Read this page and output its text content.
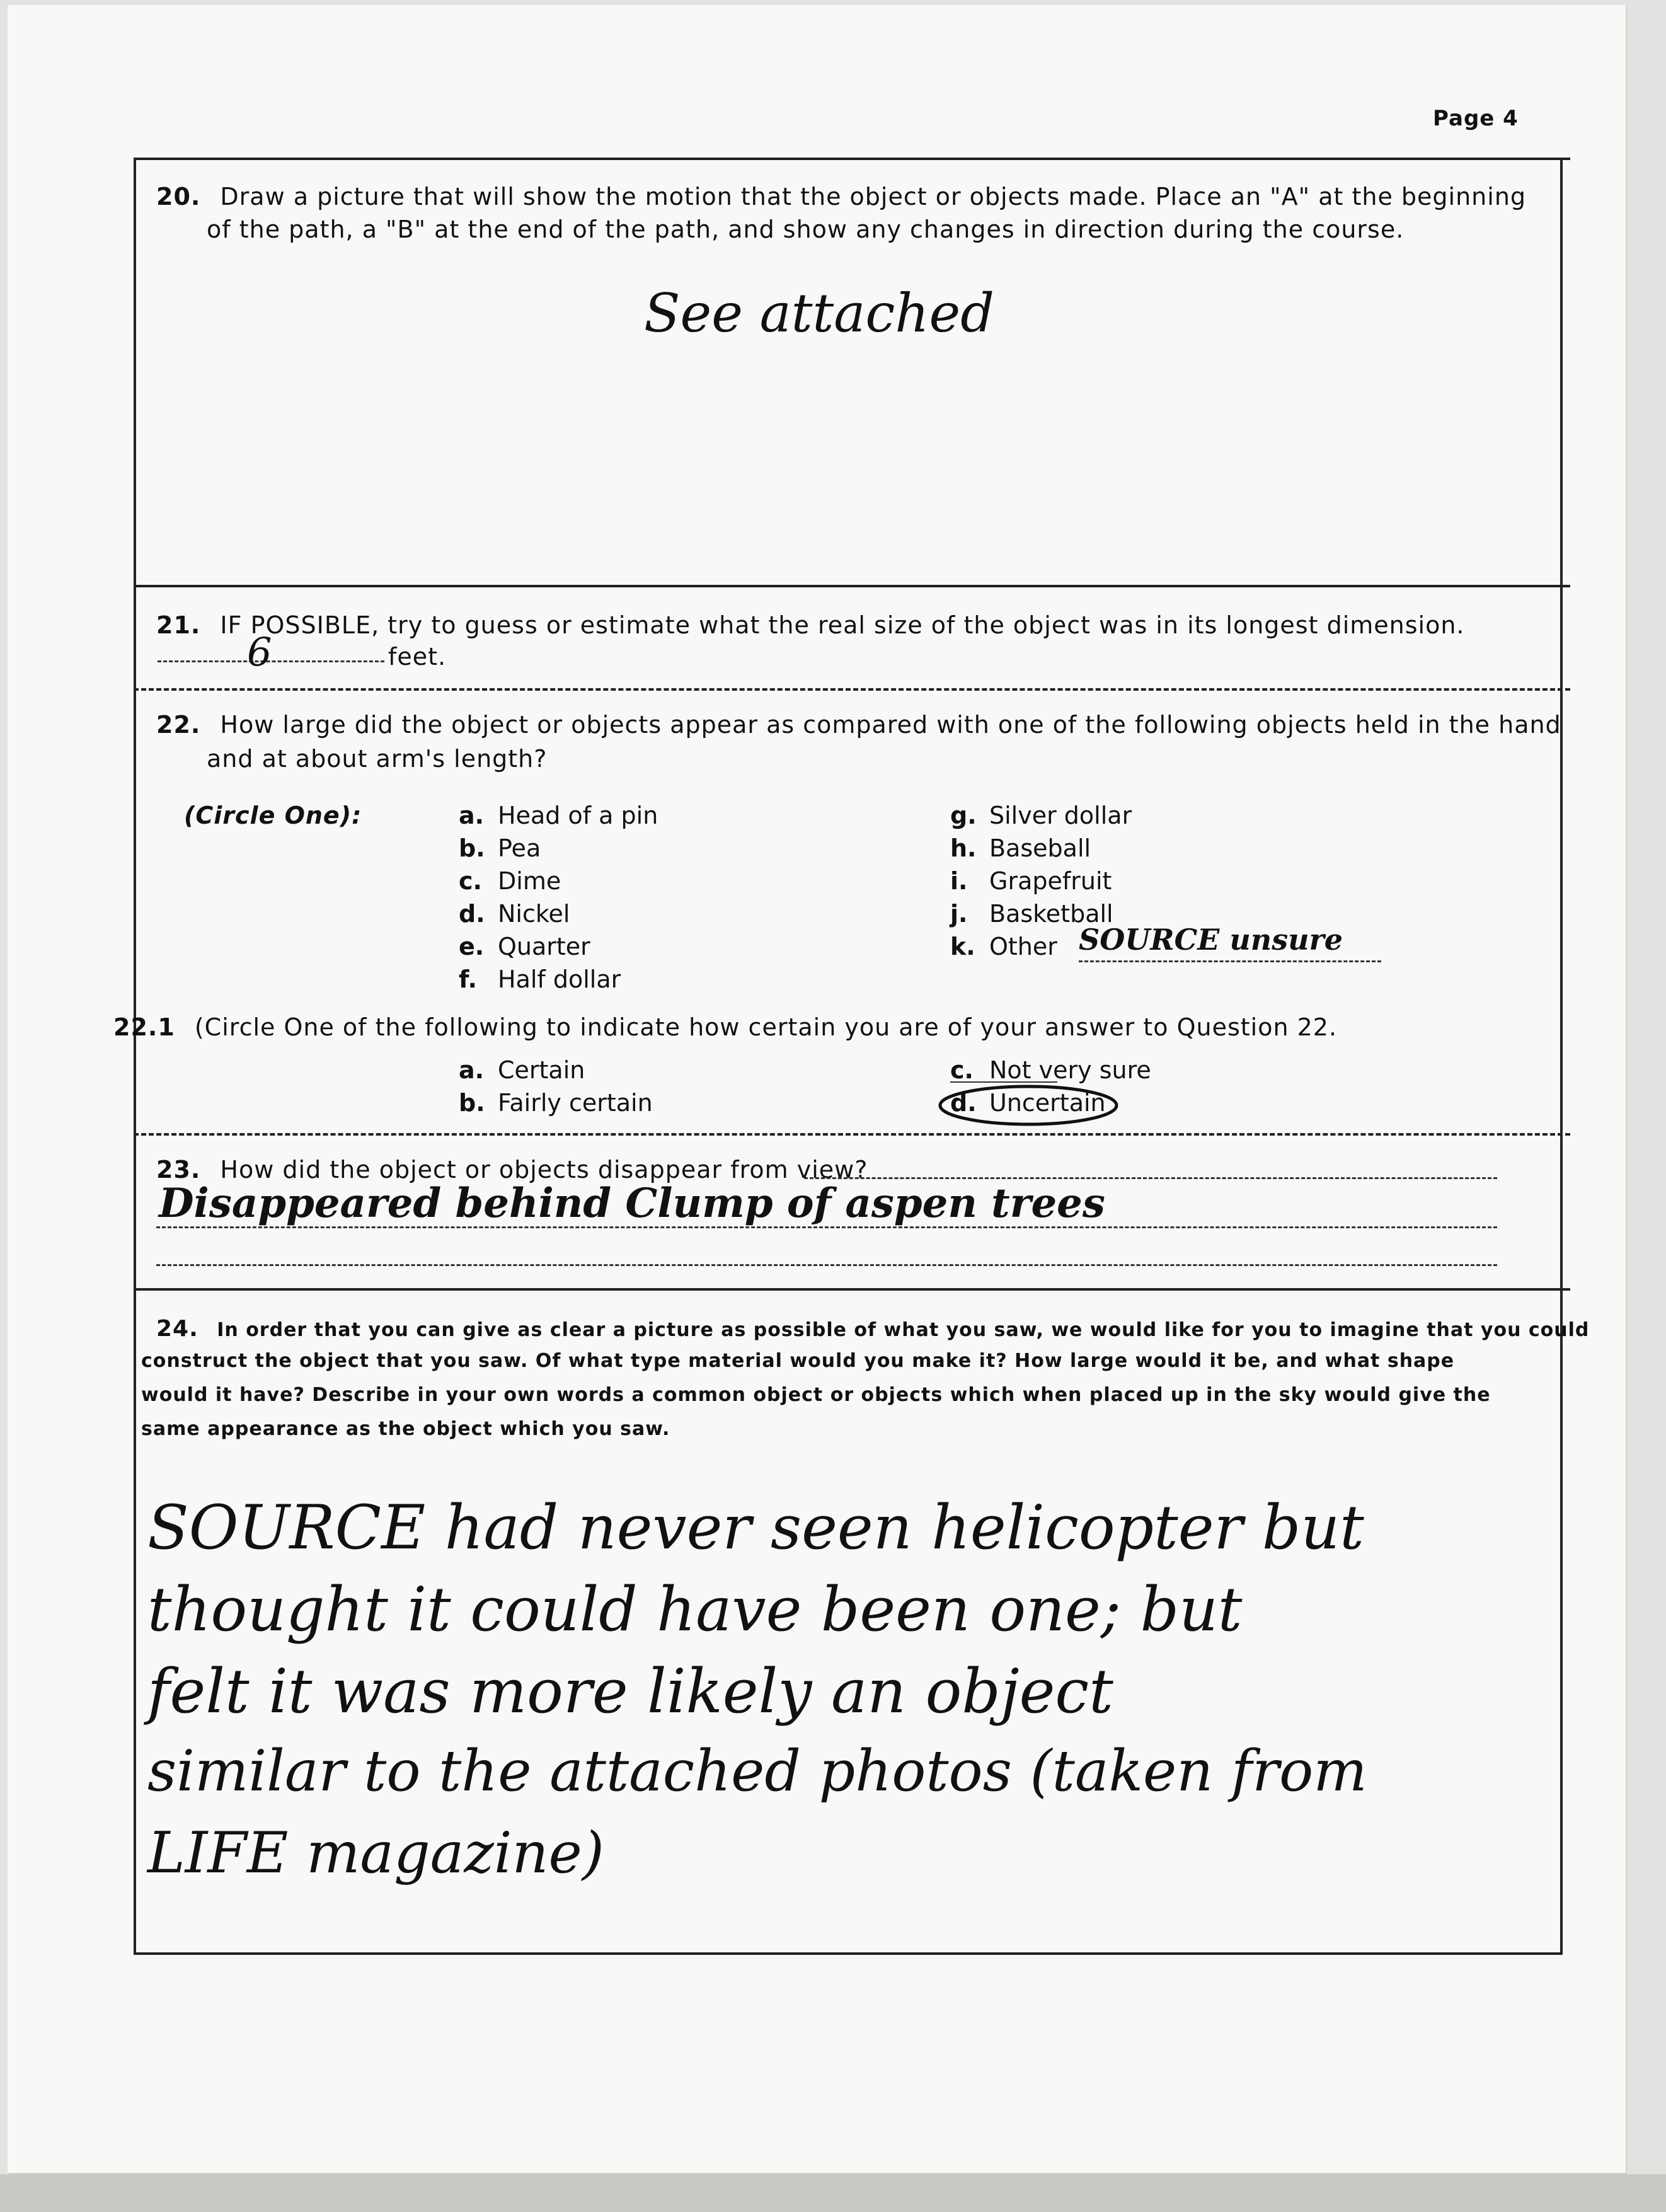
Page 4
20. Draw a picture that will show the motion that the object or objects made. Place an "A" at the beginning
of the path, a "B" at the end of the path, and show any changes in direction during the course.
See attached
21. IF POSSIBLE, try to guess or estimate what the real size of the object was in its longest dimension.
6	feet.
22. How large did the object or objects appear as compared with one of the following objects held in the hand
and at about arm's length?
(Circle One):	a. Head of a pin
b. Pea
c. Dime
d. Nickel
e. Quarter
f. Half dollar
g. Silver dollar
h. Baseball
i. Grapefruit
j. Basketball
k. Other SOURCE unsure
22.1 (Circle One of the following to indicate how certain you are of your answer to Question 22.
a. Certain
b. Fairly certain
c. Not very sure
d. Uncertain
23. How did the object or objects disappear from view?
Disappeared behind Clump of aspen trees
24. In order that you can give as clear a picture as possible of what you saw, we would like for you to imagine that you could
construct the object that you saw. Of what type material would you make it? How large would it be, and what shape
would it have? Describe in your own words a common object or objects which when placed up in the sky would give the
same appearance as the object which you saw.
SOURCE had never seen helicopter but
thought it could have been one; but
felt it was more likely an object
similar to the attached photos (taken from
LIFE magazine)
